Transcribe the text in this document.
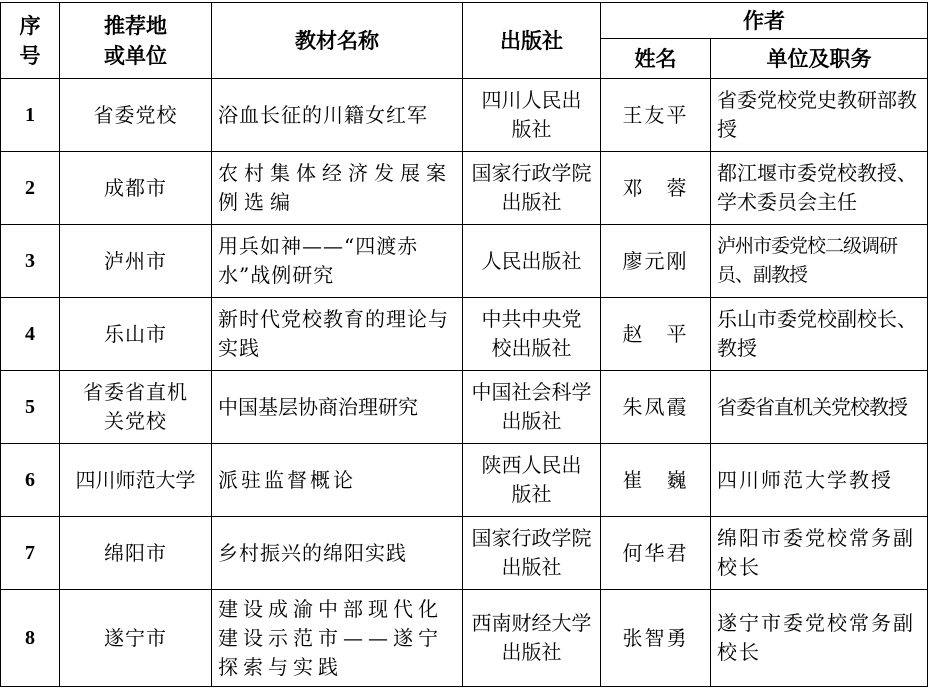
序号	推荐地或单位	教材名称	出版社	作者	
				姓名	单位及职务
1	省委党校	浴血长征的川籍女红军	四川人民出版社	王友平	省委党校党史教研部教授
2	成都市	农村集体经济发展案例选编	国家行政学院出版社	邓　蓉	都江堰市委党校教授、学术委员会主任
3	泸州市	用兵如神——“四渡赤水”战例研究	人民出版社	廖元刚	泸州市委党校二级调研员、副教授
4	乐山市	新时代党校教育的理论与实践	中共中央党校出版社	赵　平	乐山市委党校副校长、教授
5	省委省直机关党校	中国基层协商治理研究	中国社会科学出版社	朱凤霞	省委省直机关党校教授
6	四川师范大学	派驻监督概论	陕西人民出版社	崔　巍	四川师范大学教授
7	绵阳市	乡村振兴的绵阳实践	国家行政学院出版社	何华君	绵阳市委党校常务副校长
8	遂宁市	建设成渝中部现代化建设示范市——遂宁探索与实践	西南财经大学出版社	张智勇	遂宁市委党校常务副校长
